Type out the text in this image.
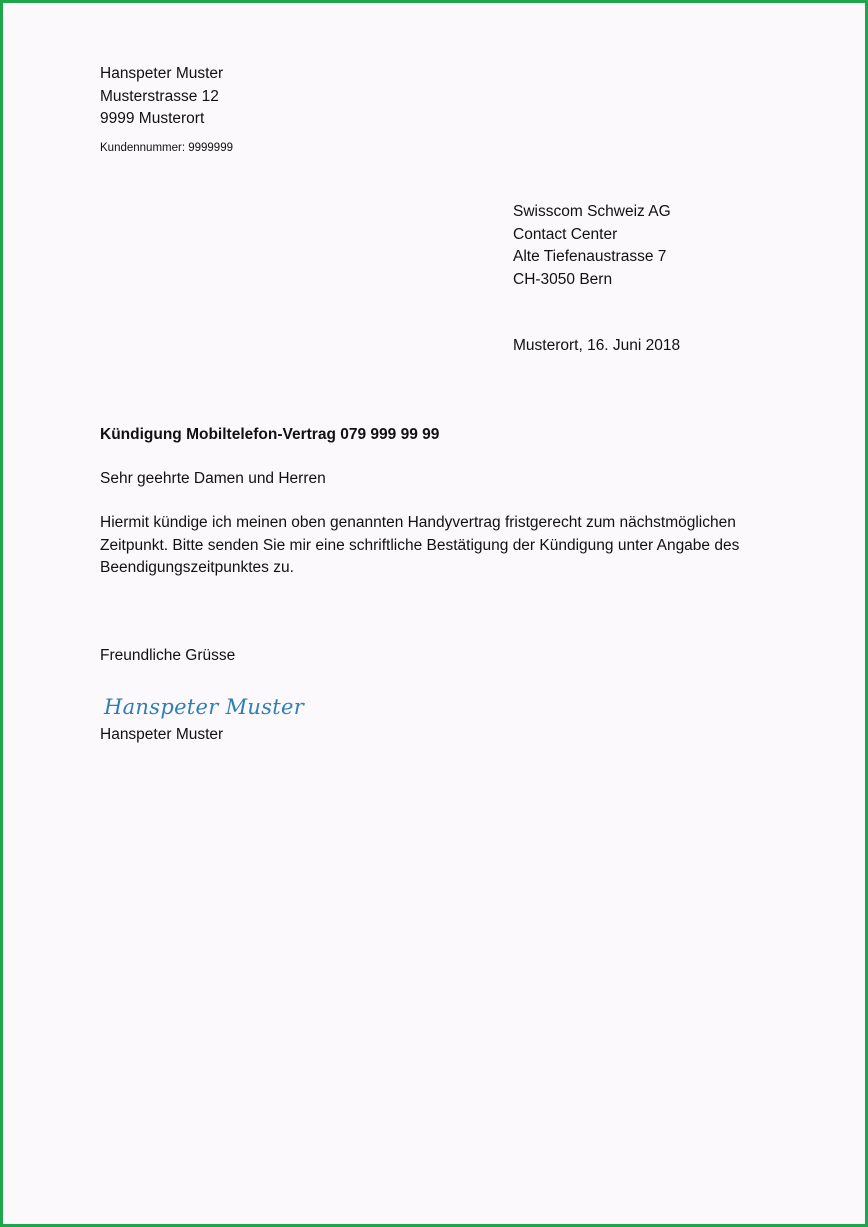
Hanspeter Muster
Musterstrasse 12
9999 Musterort
Kundennummer: 9999999
Swisscom Schweiz AG
Contact Center
Alte Tiefenaustrasse 7
CH-3050 Bern
Musterort, 16. Juni 2018
Kündigung Mobiltelefon-Vertrag 079 999 99 99
Sehr geehrte Damen und Herren
Hiermit kündige ich meinen oben genannten Handyvertrag fristgerecht zum nächstmöglichen
Zeitpunkt. Bitte senden Sie mir eine schriftliche Bestätigung der Kündigung unter Angabe des
Beendigungszeitpunktes zu.
Freundliche Grüsse
Hanspeter Muster
Hanspeter Muster
